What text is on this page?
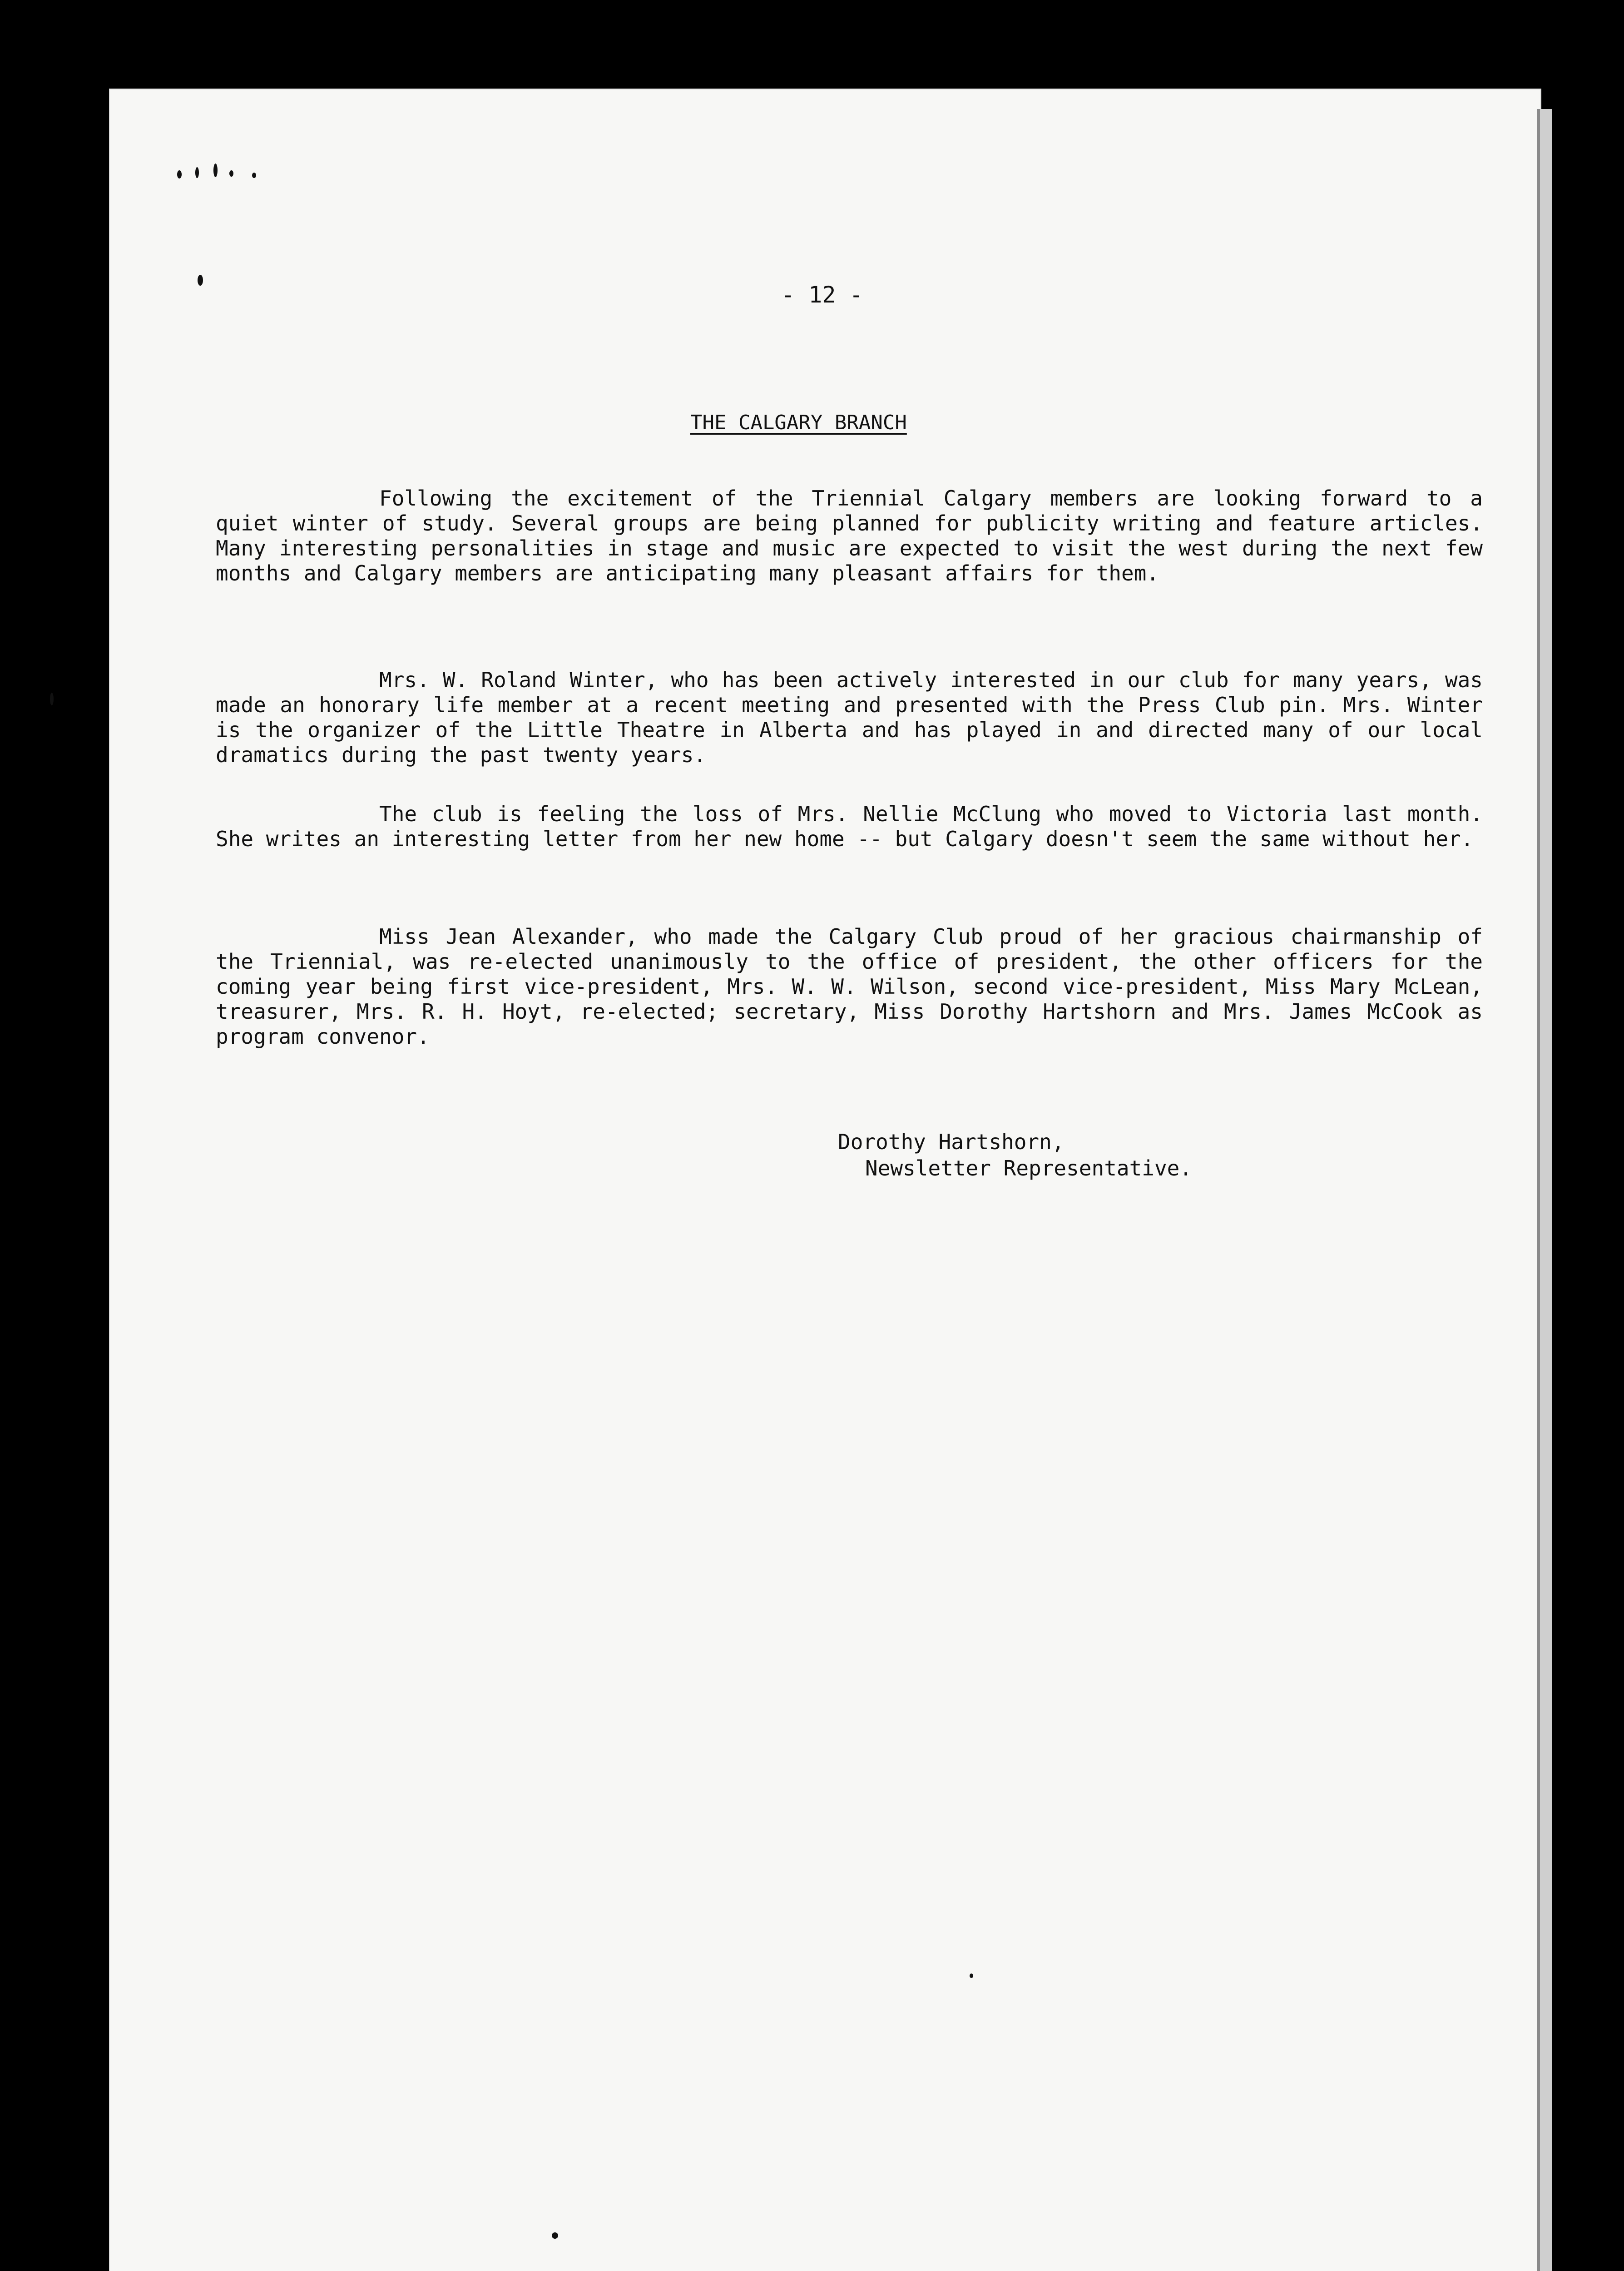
- 12 -
THE CALGARY BRANCH

Following the excitement of the Triennial Calgary members are looking forward to a quiet winter of study. Several groups are being planned for publicity writing and feature articles. Many interesting personalities in stage and music are expected to visit the west during the next few months and Calgary members are anticipating many pleasant affairs for them.

Mrs. W. Roland Winter, who has been actively interested in our club for many years, was made an honorary life member at a recent meeting and presented with the Press Club pin. Mrs. Winter is the organizer of the Little Theatre in Alberta and has played in and directed many of our local dramatics during the past twenty years.

The club is feeling the loss of Mrs. Nellie McClung who moved to Victoria last month. She writes an interesting letter from her new home -- but Calgary doesn't seem the same without her.

Miss Jean Alexander, who made the Calgary Club proud of her gracious chairmanship of the Triennial, was re-elected unanimously to the office of president, the other officers for the coming year being first vice-president, Mrs. W. W. Wilson, second vice-president, Miss Mary McLean, treasurer, Mrs. R. H. Hoyt, re-elected; secretary, Miss Dorothy Hartshorn and Mrs. James McCook as program convenor.

Dorothy Hartshorn,
Newsletter Representative.
